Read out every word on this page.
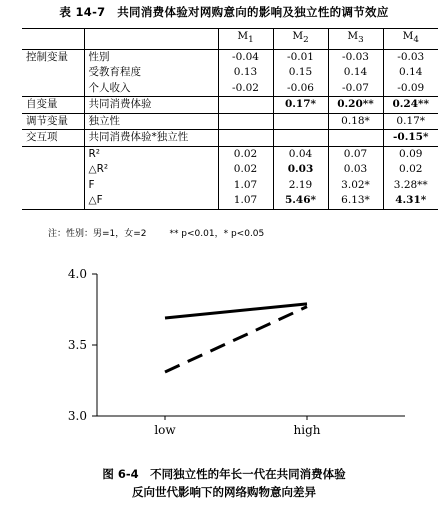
表 14-7　共同消费体验对网购意向的影响及独立性的调节效应
		$M_1$	$M_2$	$M_3$	$M_4$
控制变量	性别	-0.04	-0.01	-0.03	-0.03
	受教育程度	0.13	0.15	0.14	0.14
	个人收入	-0.02	-0.06	-0.07	-0.09
自变量	共同消费体验		0.17*	0.20**	0.24**
调节变量	独立性			0.18*	0.17*
交互项	共同消费体验*独立性				-0.15*
	R²	0.02	0.04	0.07	0.09
	△R²	0.02	0.03	0.03	0.02
	F	1.07	2.19	3.02*	3.28**
	△F	1.07	5.46*	6.13*	4.31*
注：性别：男=1，女=2	** p<0.01，* p<0.05
3.0
3.5
4.0
low	high
图 6-4　不同独立性的年长一代在共同消费体验
反向世代影响下的网络购物意向差异
